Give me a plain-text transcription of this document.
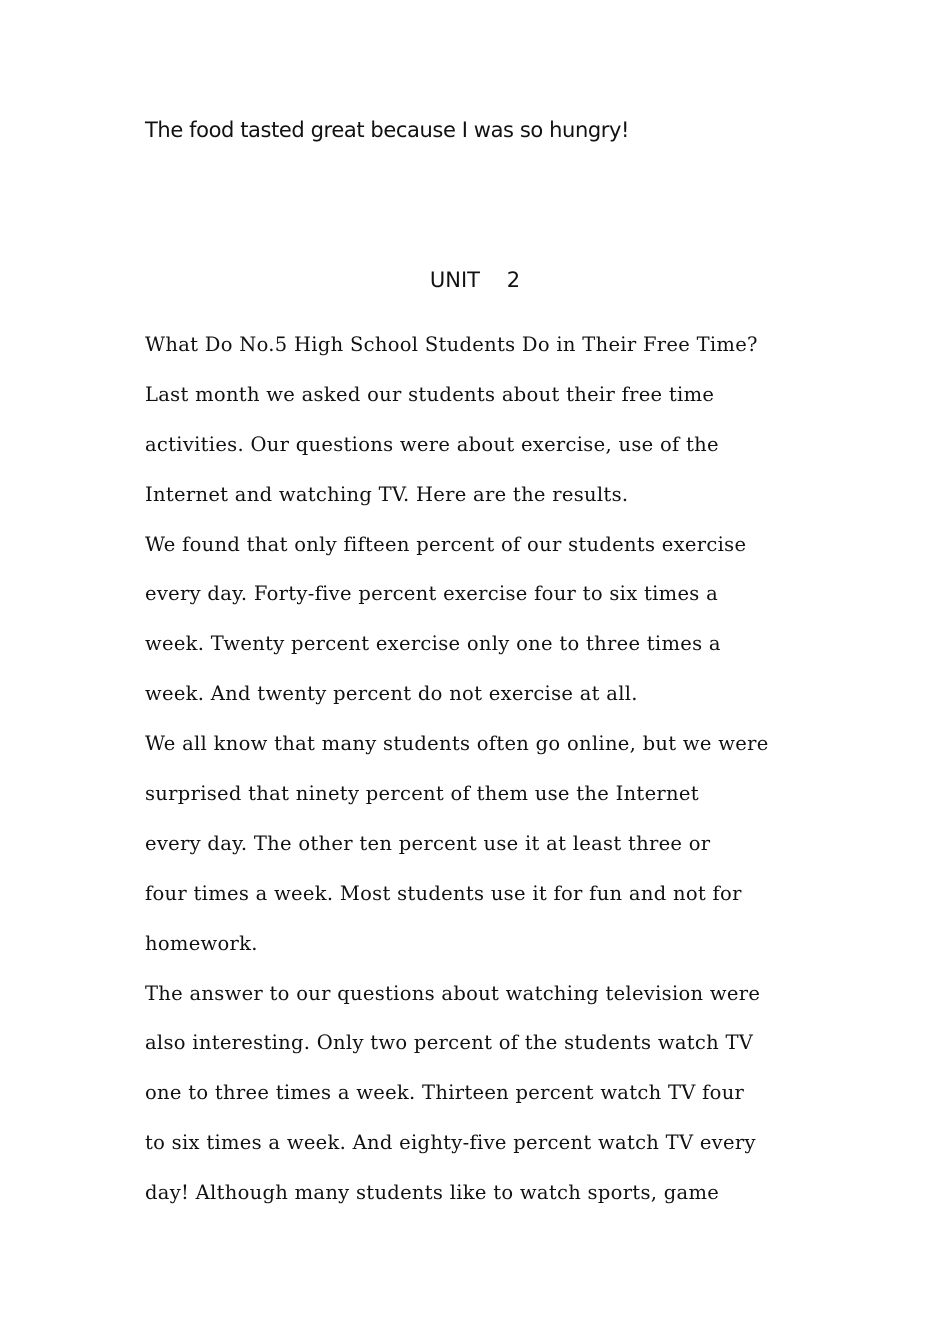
The food tasted great because I was so hungry!
UNIT    2
What Do No.5 High School Students Do in Their Free Time?
Last month we asked our students about their free time
activities. Our questions were about exercise, use of the
Internet and watching TV. Here are the results.
We found that only fifteen percent of our students exercise
every day. Forty-five percent exercise four to six times a
week. Twenty percent exercise only one to three times a
week. And twenty percent do not exercise at all.
We all know that many students often go online, but we were
surprised that ninety percent of them use the Internet
every day. The other ten percent use it at least three or
four times a week. Most students use it for fun and not for
homework.
The answer to our questions about watching television were
also interesting. Only two percent of the students watch TV
one to three times a week. Thirteen percent watch TV four
to six times a week. And eighty-five percent watch TV every
day! Although many students like to watch sports, game
